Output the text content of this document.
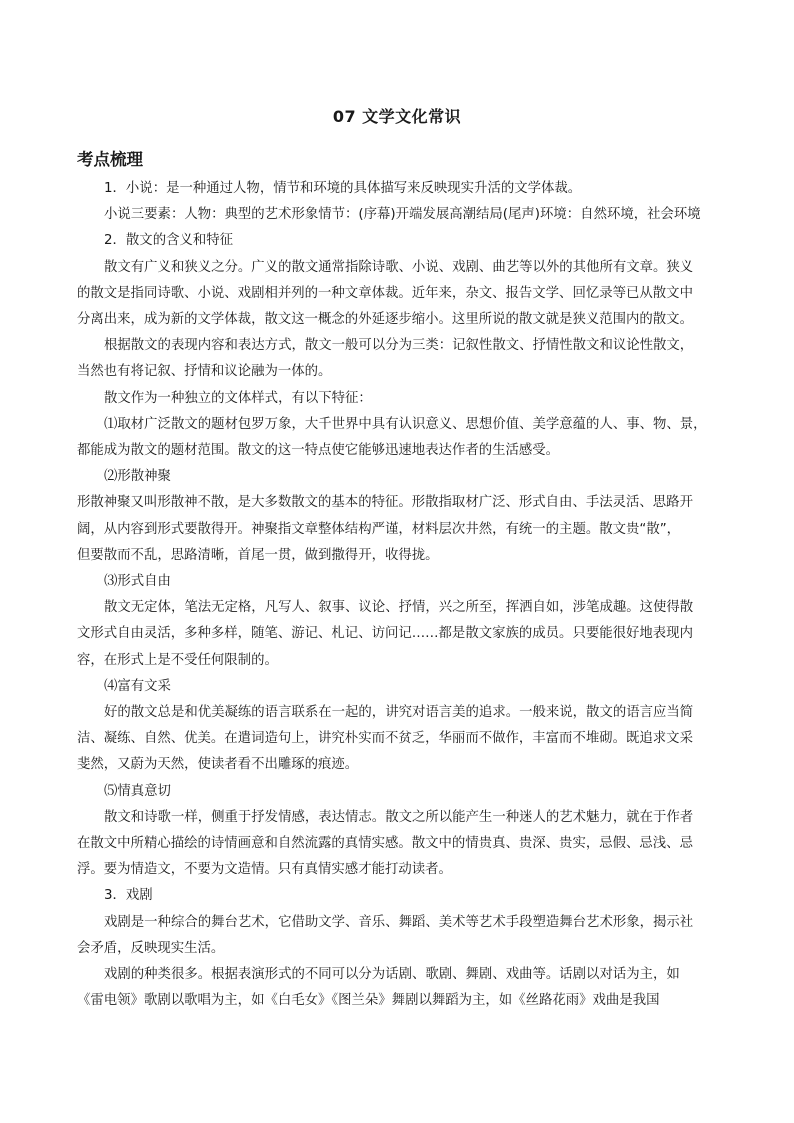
07 文学文化常识
考点梳理

1．小说：是一种通过人物，情节和环境的具体描写来反映现实升活的文学体裁。

小说三要素：人物：典型的艺术形象情节：(序幕)开端发展高潮结局(尾声)环境：自然环境，社会环境

2．散文的含义和特征

散文有广义和狭义之分。广义的散文通常指除诗歌、小说、戏剧、曲艺等以外的其他所有文章。狭义

的散文是指同诗歌、小说、戏剧相并列的一种文章体裁。近年来，杂文、报告文学、回忆录等已从散文中

分离出来，成为新的文学体裁，散文这一概念的外延逐步缩小。这里所说的散文就是狭义范围内的散文。

根据散文的表现内容和表达方式，散文一般可以分为三类：记叙性散文、抒情性散文和议论性散文，

当然也有将记叙、抒情和议论融为一体的。

散文作为一种独立的文体样式，有以下特征：

⑴取材广泛散文的题材包罗万象，大千世界中具有认识意义、思想价值、美学意蕴的人、事、物、景，

都能成为散文的题材范围。散文的这一特点使它能够迅速地表达作者的生活感受。

⑵形散神聚

形散神聚又叫形散神不散，是大多数散文的基本的特征。形散指取材广泛、形式自由、手法灵活、思路开

阔，从内容到形式要散得开。神聚指文章整体结构严谨，材料层次井然，有统一的主题。散文贵“散”，

但要散而不乱，思路清晰，首尾一贯，做到撒得开，收得拢。

⑶形式自由

散文无定体，笔法无定格，凡写人、叙事、议论、抒情，兴之所至，挥洒自如，涉笔成趣。这使得散

文形式自由灵活，多种多样，随笔、游记、札记、访问记……都是散文家族的成员。只要能很好地表现内

容，在形式上是不受任何限制的。

⑷富有文采

好的散文总是和优美凝练的语言联系在一起的，讲究对语言美的追求。一般来说，散文的语言应当简

洁、凝练、自然、优美。在遣词造句上，讲究朴实而不贫乏，华丽而不做作，丰富而不堆砌。既追求文采

斐然，又蔚为天然，使读者看不出雕琢的痕迹。

⑸情真意切

散文和诗歌一样，侧重于抒发情感，表达情志。散文之所以能产生一种迷人的艺术魅力，就在于作者

在散文中所精心描绘的诗情画意和自然流露的真情实感。散文中的情贵真、贵深、贵实，忌假、忌浅、忌

浮。要为情造文，不要为文造情。只有真情实感才能打动读者。

3．戏剧

戏剧是一种综合的舞台艺术，它借助文学、音乐、舞蹈、美术等艺术手段塑造舞台艺术形象，揭示社

会矛盾，反映现实生活。

戏剧的种类很多。根据表演形式的不同可以分为话剧、歌剧、舞剧、戏曲等。话剧以对话为主，如

《雷电领》歌剧以歌唱为主，如《白毛女》《图兰朵》舞剧以舞蹈为主，如《丝路花雨》戏曲是我国
